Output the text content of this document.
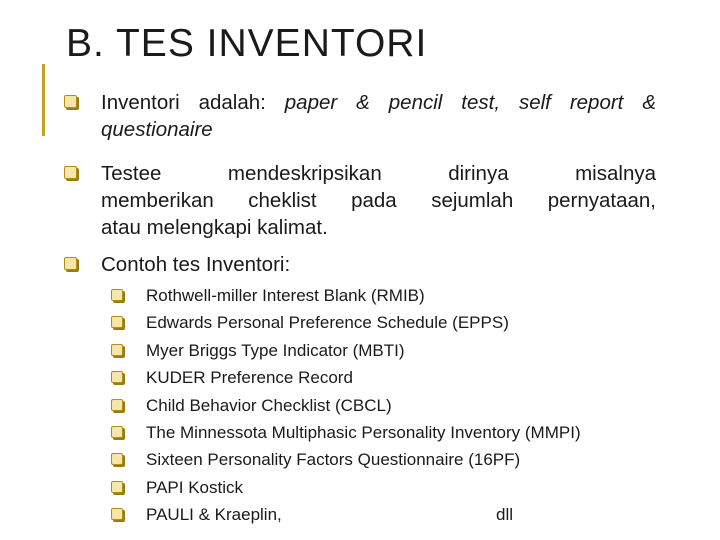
B. TES INVENTORI
Inventori adalah: paper & pencil test, self report & questionaire
Testee mendeskripsikan dirinya misalnya
memberikan cheklist pada sejumlah pernyataan,
atau melengkapi kalimat.
Contoh tes Inventori:
Rothwell-miller Interest Blank (RMIB)
Edwards Personal Preference Schedule (EPPS)
Myer Briggs Type Indicator (MBTI)
KUDER Preference Record
Child Behavior Checklist (CBCL)
The Minnessota Multiphasic Personality Inventory (MMPI)
Sixteen Personality Factors Questionnaire (16PF)
PAPI Kostick
PAULI & Kraeplin,	dll
